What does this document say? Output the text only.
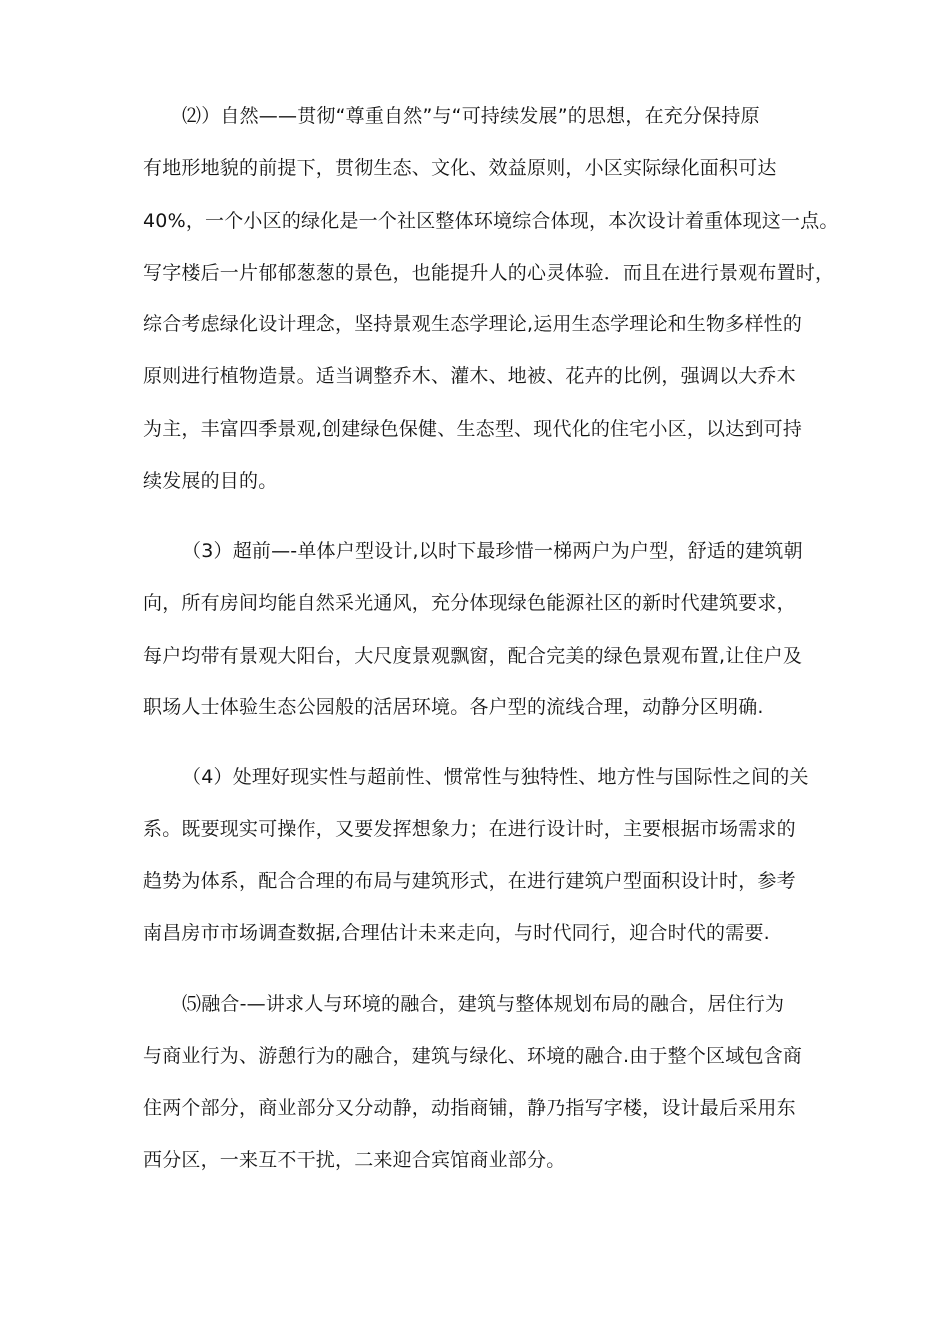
⑵）自然——贯彻“尊重自然”与“可持续发展”的思想，在充分保持原
有地形地貌的前提下，贯彻生态、文化、效益原则，小区实际绿化面积可达
40%，一个小区的绿化是一个社区整体环境综合体现，本次设计着重体现这一点。
写字楼后一片郁郁葱葱的景色，也能提升人的心灵体验．而且在进行景观布置时，
综合考虑绿化设计理念，坚持景观生态学理论,运用生态学理论和生物多样性的
原则进行植物造景。适当调整乔木、灌木、地被、花卉的比例，强调以大乔木
为主，丰富四季景观,创建绿色保健、生态型、现代化的住宅小区，以达到可持
续发展的目的。
（3）超前—-单体户型设计,以时下最珍惜一梯两户为户型，舒适的建筑朝
向，所有房间均能自然采光通风，充分体现绿色能源社区的新时代建筑要求，
每户均带有景观大阳台，大尺度景观飘窗，配合完美的绿色景观布置,让住户及
职场人士体验生态公园般的活居环境。各户型的流线合理，动静分区明确.
（4）处理好现实性与超前性、惯常性与独特性、地方性与国际性之间的关
系。既要现实可操作，又要发挥想象力；在进行设计时，主要根据市场需求的
趋势为体系，配合合理的布局与建筑形式，在进行建筑户型面积设计时，参考
南昌房市市场调查数据,合理估计未来走向，与时代同行，迎合时代的需要.
⑸融合-—讲求人与环境的融合，建筑与整体规划布局的融合，居住行为
与商业行为、游憩行为的融合，建筑与绿化、环境的融合.由于整个区域包含商
住两个部分，商业部分又分动静，动指商铺，静乃指写字楼，设计最后采用东
西分区，一来互不干扰，二来迎合宾馆商业部分。
